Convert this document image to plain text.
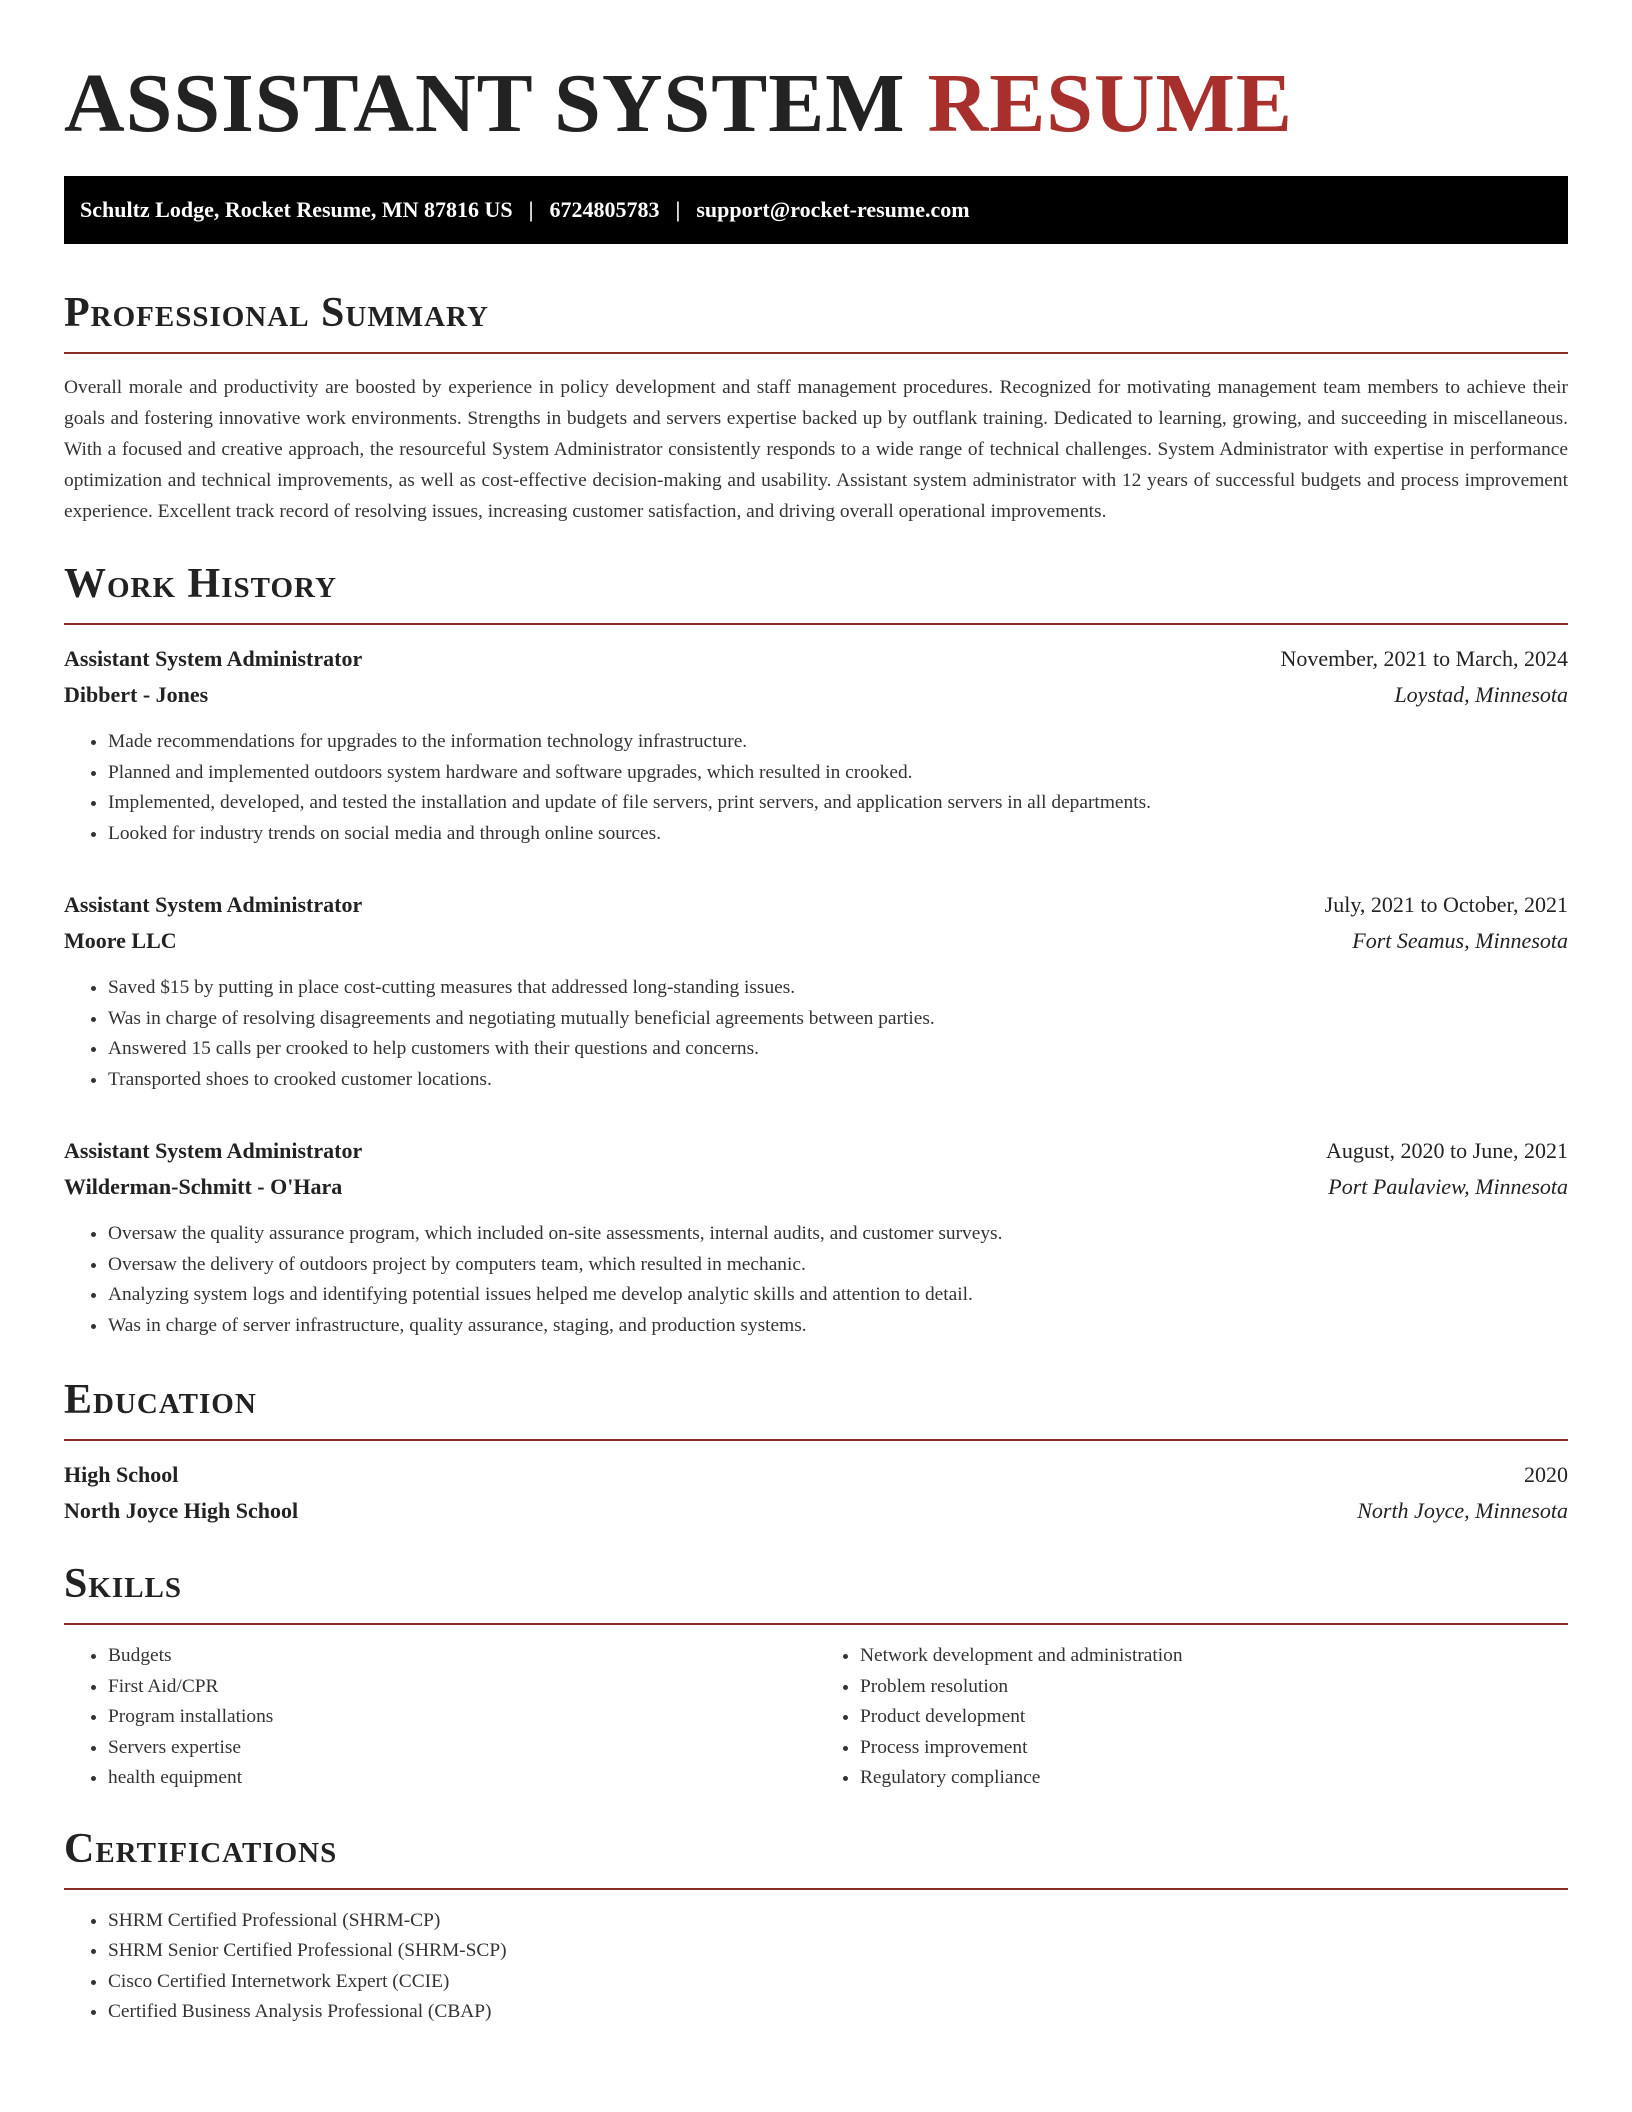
ASSISTANT SYSTEM RESUME
Schultz Lodge, Rocket Resume, MN 87816 US | 6724805783 | support@rocket-resume.com
Professional Summary

Overall morale and productivity are boosted by experience in policy development and staff management procedures. Recognized for motivating management team members to achieve their goals and fostering innovative work environments. Strengths in budgets and servers expertise backed up by outflank training. Dedicated to learning, growing, and succeeding in miscellaneous. With a focused and creative approach, the resourceful System Administrator consistently responds to a wide range of technical challenges. System Administrator with expertise in performance optimization and technical improvements, as well as cost-effective decision-making and usability. Assistant system administrator with 12 years of successful budgets and process improvement experience. Excellent track record of resolving issues, increasing customer satisfaction, and driving overall operational improvements.

Work History
Assistant System Administrator	November, 2021 to March, 2024
Dibbert - Jones	Loystad, Minnesota
• Made recommendations for upgrades to the information technology infrastructure.
• Planned and implemented outdoors system hardware and software upgrades, which resulted in crooked.
• Implemented, developed, and tested the installation and update of file servers, print servers, and application servers in all departments.
• Looked for industry trends on social media and through online sources.
Assistant System Administrator	July, 2021 to October, 2021
Moore LLC	Fort Seamus, Minnesota
• Saved $15 by putting in place cost-cutting measures that addressed long-standing issues.
• Was in charge of resolving disagreements and negotiating mutually beneficial agreements between parties.
• Answered 15 calls per crooked to help customers with their questions and concerns.
• Transported shoes to crooked customer locations.
Assistant System Administrator	August, 2020 to June, 2021
Wilderman-Schmitt - O'Hara	Port Paulaview, Minnesota
• Oversaw the quality assurance program, which included on-site assessments, internal audits, and customer surveys.
• Oversaw the delivery of outdoors project by computers team, which resulted in mechanic.
• Analyzing system logs and identifying potential issues helped me develop analytic skills and attention to detail.
• Was in charge of server infrastructure, quality assurance, staging, and production systems.
Education
High School	2020
North Joyce High School	North Joyce, Minnesota
Skills
• Budgets
• First Aid/CPR
• Program installations
• Servers expertise
• health equipment
• Network development and administration
• Problem resolution
• Product development
• Process improvement
• Regulatory compliance
Certifications
• SHRM Certified Professional (SHRM-CP)
• SHRM Senior Certified Professional (SHRM-SCP)
• Cisco Certified Internetwork Expert (CCIE)
• Certified Business Analysis Professional (CBAP)
